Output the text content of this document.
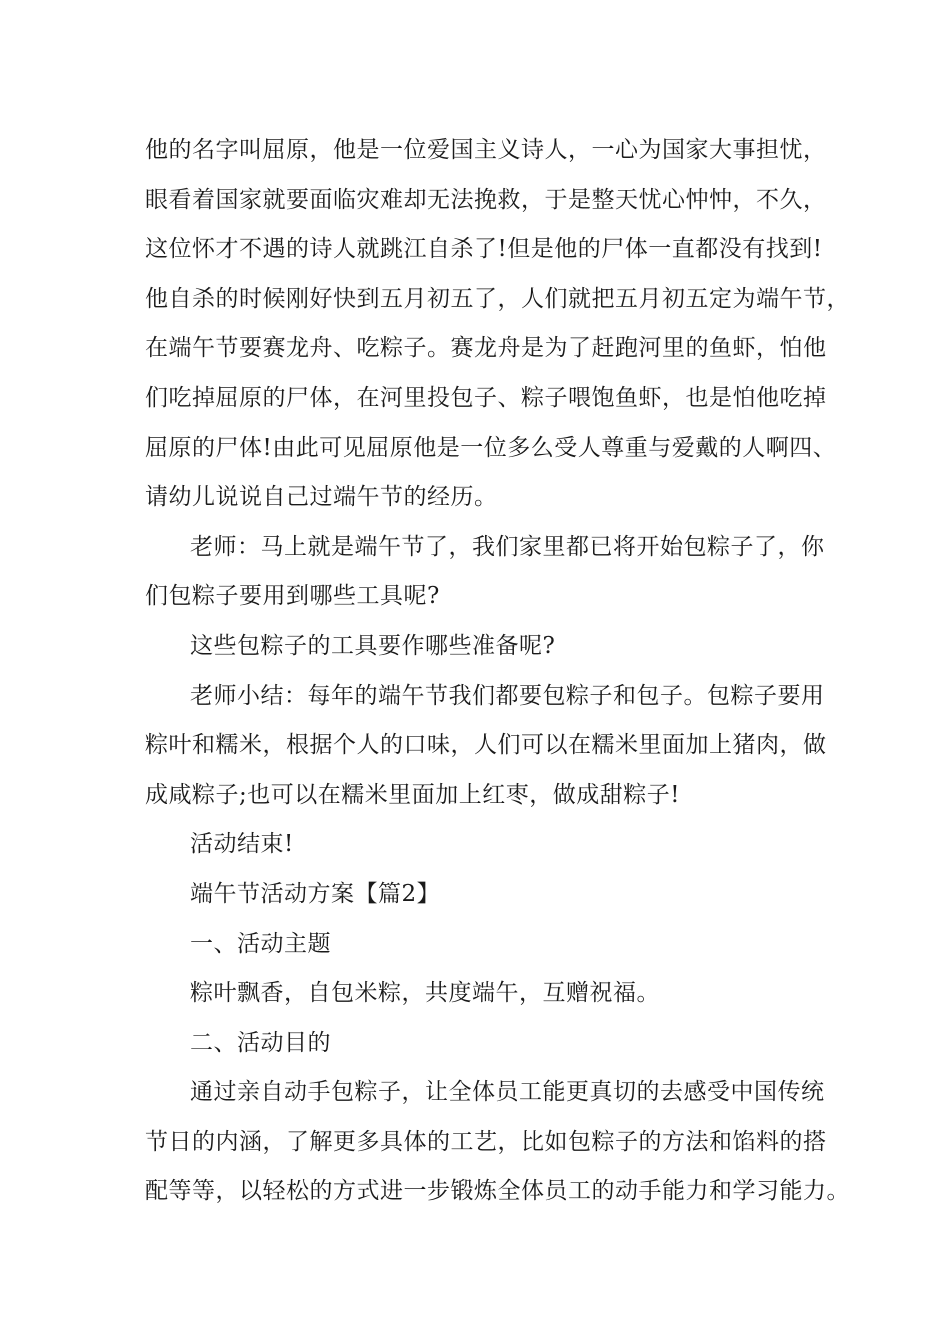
他的名字叫屈原，他是一位爱国主义诗人，一心为国家大事担忧，
眼看着国家就要面临灾难却无法挽救，于是整天忧心忡忡，不久，
这位怀才不遇的诗人就跳江自杀了!但是他的尸体一直都没有找到!
他自杀的时候刚好快到五月初五了，人们就把五月初五定为端午节，
在端午节要赛龙舟、吃粽子。赛龙舟是为了赶跑河里的鱼虾，怕他
们吃掉屈原的尸体，在河里投包子、粽子喂饱鱼虾，也是怕他吃掉
屈原的尸体!由此可见屈原他是一位多么受人尊重与爱戴的人啊四、
请幼儿说说自己过端午节的经历。
老师：马上就是端午节了，我们家里都已将开始包粽子了，你
们包粽子要用到哪些工具呢?
这些包粽子的工具要作哪些准备呢?
老师小结：每年的端午节我们都要包粽子和包子。包粽子要用
粽叶和糯米，根据个人的口味，人们可以在糯米里面加上猪肉，做
成咸粽子;也可以在糯米里面加上红枣，做成甜粽子!
活动结束!
端午节活动方案【篇2】
一、活动主题
粽叶飘香，自包米粽，共度端午，互赠祝福。
二、活动目的
通过亲自动手包粽子，让全体员工能更真切的去感受中国传统
节日的内涵，了解更多具体的工艺，比如包粽子的方法和馅料的搭
配等等，以轻松的方式进一步锻炼全体员工的动手能力和学习能力。
